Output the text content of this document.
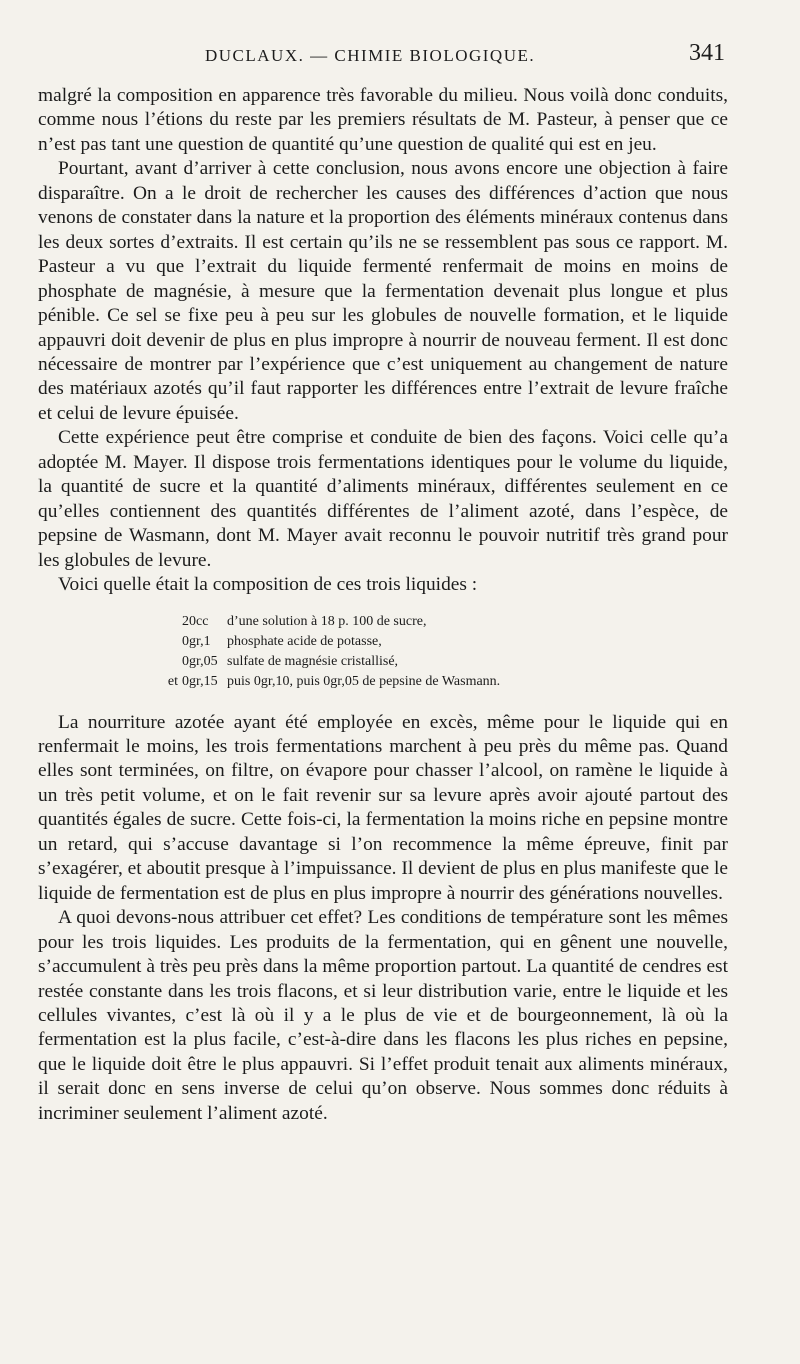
DUCLAUX. — CHIMIE BIOLOGIQUE.	341

malgré la composition en apparence très favorable du milieu. Nous voilà donc conduits, comme nous l’étions du reste par les premiers résultats de M. Pasteur, à penser que ce n’est pas tant une question de quantité qu’une question de qualité qui est en jeu.

Pourtant, avant d’arriver à cette conclusion, nous avons encore une objection à faire disparaître. On a le droit de rechercher les causes des différences d’action que nous venons de constater dans la nature et la proportion des éléments minéraux contenus dans les deux sortes d’extraits. Il est certain qu’ils ne se ressemblent pas sous ce rapport. M. Pasteur a vu que l’extrait du liquide fermenté renfermait de moins en moins de phosphate de magnésie, à mesure que la fermentation devenait plus longue et plus pénible. Ce sel se fixe peu à peu sur les globules de nouvelle formation, et le liquide appauvri doit devenir de plus en plus impropre à nourrir de nouveau ferment. Il est donc nécessaire de montrer par l’expérience que c’est uniquement au changement de nature des matériaux azotés qu’il faut rapporter les différences entre l’extrait de levure fraîche et celui de levure épuisée.

Cette expérience peut être comprise et conduite de bien des façons. Voici celle qu’a adoptée M. Mayer. Il dispose trois fermentations identiques pour le volume du liquide, la quantité de sucre et la quantité d’aliments minéraux, différentes seulement en ce qu’elles contiennent des quantités différentes de l’aliment azoté, dans l’espèce, de pepsine de Wasmann, dont M. Mayer avait reconnu le pouvoir nutritif très grand pour les globules de levure.

Voici quelle était la composition de ces trois liquides :

20cc	d’une solution à 18 p. 100 de sucre,
0gr,1	phosphate acide de potasse,
0gr,05 sulfate de magnésie cristallisé,
et 0gr,15 puis 0gr,10, puis 0gr,05 de pepsine de Wasmann.

La nourriture azotée ayant été employée en excès, même pour le liquide qui en renfermait le moins, les trois fermentations marchent à peu près du même pas. Quand elles sont terminées, on filtre, on évapore pour chasser l’alcool, on ramène le liquide à un très petit volume, et on le fait revenir sur sa levure après avoir ajouté partout des quantités égales de sucre. Cette fois-ci, la fermentation la moins riche en pepsine montre un retard, qui s’accuse davantage si l’on recommence la même épreuve, finit par s’exagérer, et aboutit presque à l’impuissance. Il devient de plus en plus manifeste que le liquide de fermentation est de plus en plus impropre à nourrir des générations nouvelles.

A quoi devons-nous attribuer cet effet? Les conditions de température sont les mêmes pour les trois liquides. Les produits de la fermentation, qui en gênent une nouvelle, s’accumulent à très peu près dans la même proportion partout. La quantité de cendres est restée constante dans les trois flacons, et si leur distribution varie, entre le liquide et les cellules vivantes, c’est là où il y a le plus de vie et de bourgeonnement, là où la fermentation est la plus facile, c’est-à-dire dans les flacons les plus riches en pepsine, que le liquide doit être le plus appauvri. Si l’effet produit tenait aux aliments minéraux, il serait donc en sens inverse de celui qu’on observe. Nous sommes donc réduits à incriminer seulement l’aliment azoté.
